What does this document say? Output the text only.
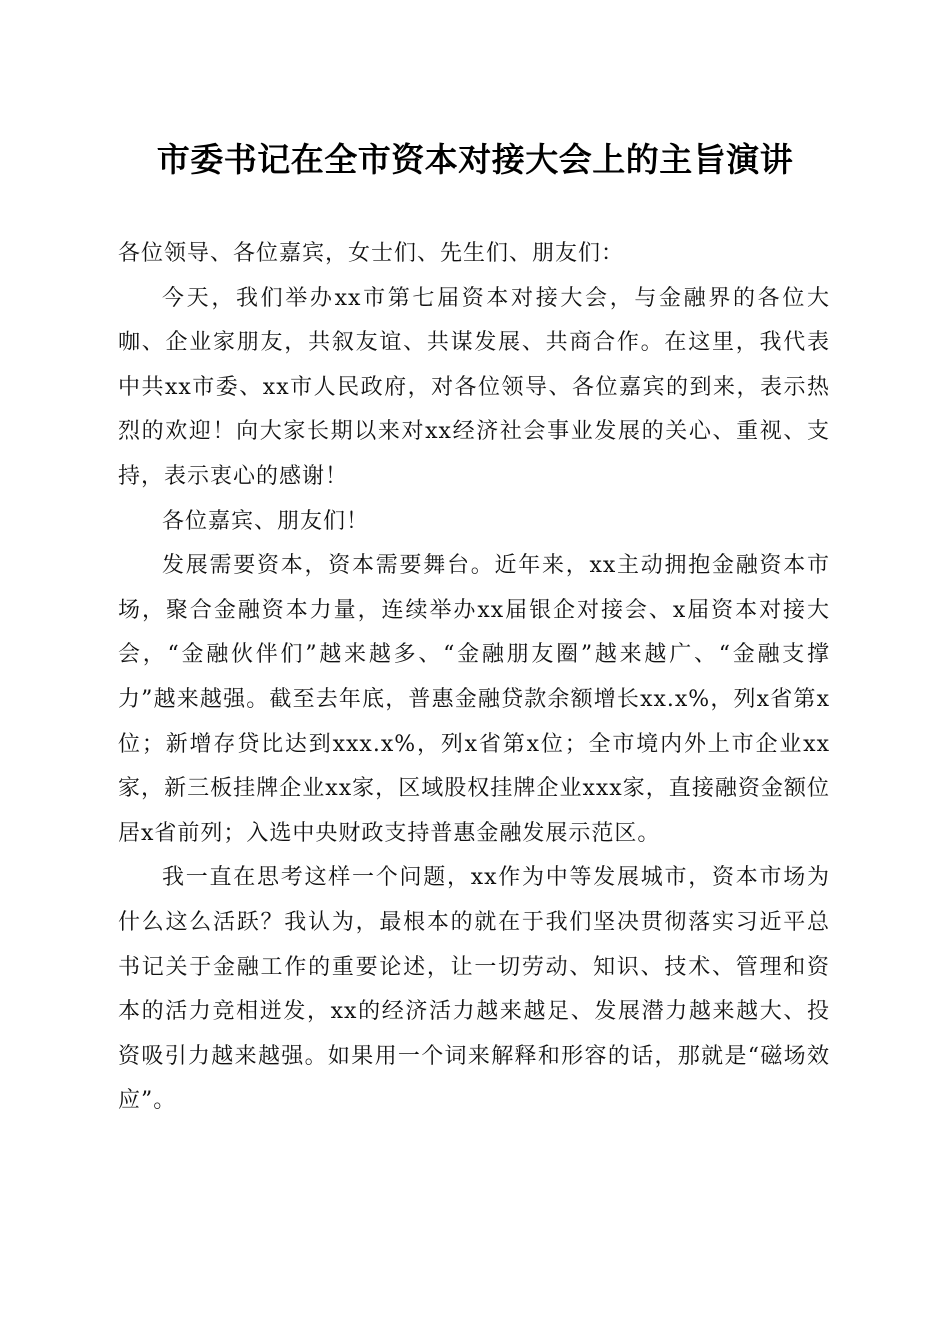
市委书记在全市资本对接大会上的主旨演讲

各位领导、各位嘉宾，女士们、先生们、朋友们：

今天，我们举办xx市第七届资本对接大会，与金融界的各位大咖、企业家朋友，共叙友谊、共谋发展、共商合作。在这里，我代表中共xx市委、xx市人民政府，对各位领导、各位嘉宾的到来，表示热烈的欢迎！向大家长期以来对xx经济社会事业发展的关心、重视、支持，表示衷心的感谢！

各位嘉宾、朋友们！

发展需要资本，资本需要舞台。近年来，xx主动拥抱金融资本市场，聚合金融资本力量，连续举办xx届银企对接会、x届资本对接大会，“金融伙伴们”越来越多、“金融朋友圈”越来越广、“金融支撑力”越来越强。截至去年底，普惠金融贷款余额增长xx.x%，列x省第x位；新增存贷比达到xxx.x%，列x省第x位；全市境内外上市企业xx家，新三板挂牌企业xx家，区域股权挂牌企业xxx家，直接融资金额位居x省前列；入选中央财政支持普惠金融发展示范区。

我一直在思考这样一个问题，xx作为中等发展城市，资本市场为什么这么活跃？我认为，最根本的就在于我们坚决贯彻落实习近平总书记关于金融工作的重要论述，让一切劳动、知识、技术、管理和资本的活力竞相迸发，xx的经济活力越来越足、发展潜力越来越大、投资吸引力越来越强。如果用一个词来解释和形容的话，那就是“磁场效应”。
